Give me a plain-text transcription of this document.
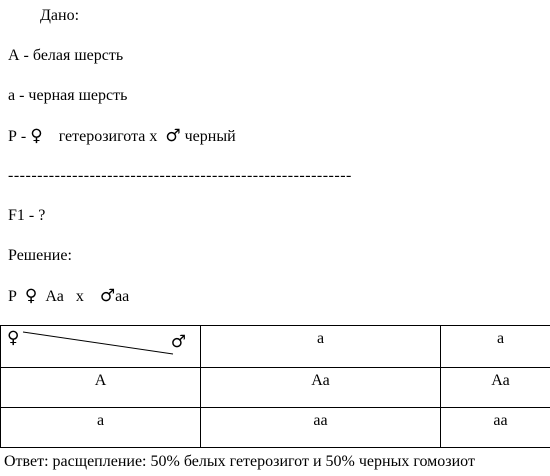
Дано:
А - белая шерсть
а - черная шерсть
Р - ♀ гетерозигота х ♂ черный
-----------------------------------------------------------
F1 - ?
Решение:
Р ♀ Аа х ♂аа
♀ ♂	а	а
А	Аа	Аа
а	аа	аа
Ответ: расщепление: 50% белых гетерозигот и 50% черных гомозиот
